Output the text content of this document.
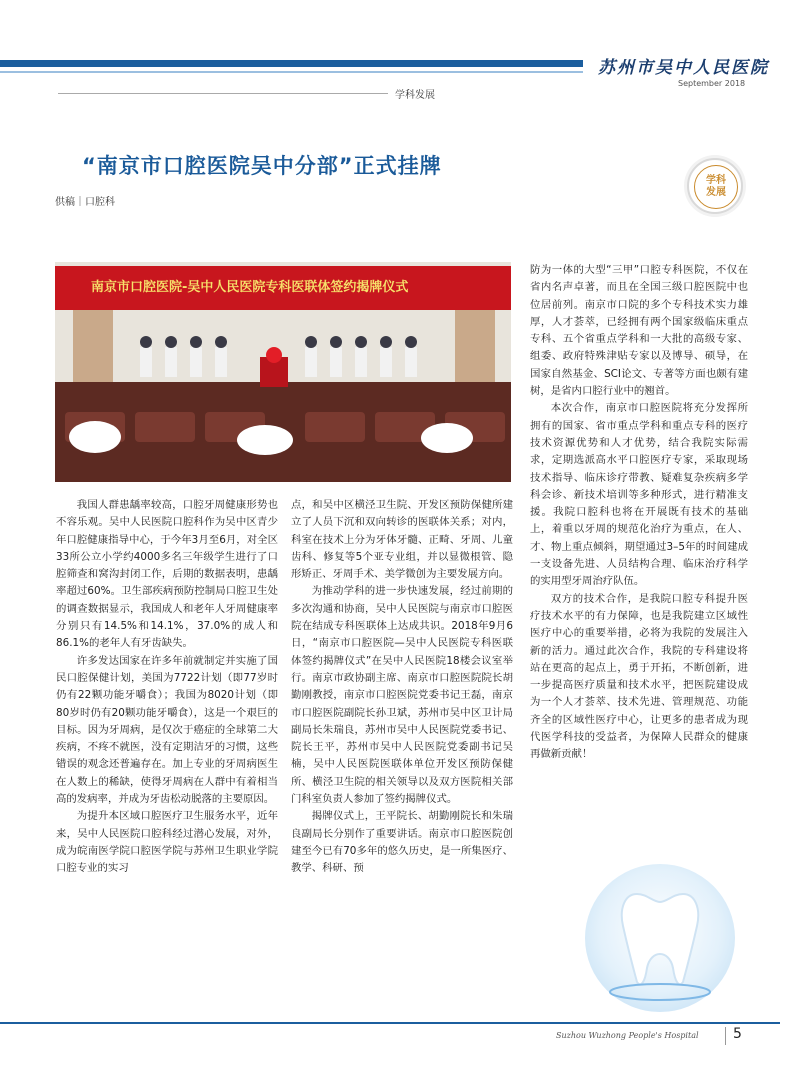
苏州市吴中人民医院
September 2018
学科发展
“南京市口腔医院吴中分部”正式挂牌
供稿｜口腔科
学科
发展
南京市口腔医院-吴中人民医院专科医联体签约揭牌仪式

我国人群患龋率较高，口腔牙周健康形势也不容乐观。吴中人民医院口腔科作为吴中区青少年口腔健康指导中心，于今年3月至6月，对全区33所公立小学约4000多名三年级学生进行了口腔筛查和窝沟封闭工作，后期的数据表明，患龋率超过60%。卫生部疾病预防控制局口腔卫生处的调查数据显示，我国成人和老年人牙周健康率分别只有14.5%和14.1%，37.0%的成人和86.1%的老年人有牙齿缺失。

许多发达国家在许多年前就制定并实施了国民口腔保健计划，美国为7722计划（即77岁时仍有22颗功能牙嚼食）；我国为8020计划（即80岁时仍有20颗功能牙嚼食），这是一个艰巨的目标。因为牙周病，是仅次于癌症的全球第二大疾病，不疼不就医，没有定期洁牙的习惯，这些错误的观念还普遍存在。加上专业的牙周病医生在人数上的稀缺，使得牙周病在人群中有着相当高的发病率，并成为牙齿松动脱落的主要原因。

为提升本区域口腔医疗卫生服务水平，近年来，吴中人民医院口腔科经过潜心发展，对外，成为皖南医学院口腔医学院与苏州卫生职业学院口腔专业的实习

点，和吴中区横泾卫生院、开发区预防保健所建立了人员下沉和双向转诊的医联体关系；对内，科室在技术上分为牙体牙髓、正畸、牙周、儿童齿科、修复等5个亚专业组，并以显微根管、隐形矫正、牙周手术、美学微创为主要发展方向。

为推动学科的进一步快速发展，经过前期的多次沟通和协商，吴中人民医院与南京市口腔医院在结成专科医联体上达成共识。2018年9月6日，“南京市口腔医院—吴中人民医院专科医联体签约揭牌仪式”在吴中人民医院18楼会议室举行。南京市政协副主席、南京市口腔医院院长胡勤刚教授，南京市口腔医院党委书记王磊，南京市口腔医院副院长孙卫斌，苏州市吴中区卫计局副局长朱瑞良，苏州市吴中人民医院党委书记、院长王平，苏州市吴中人民医院党委副书记吴楠，吴中人民医院医联体单位开发区预防保健所、横泾卫生院的相关领导以及双方医院相关部门科室负责人参加了签约揭牌仪式。

揭牌仪式上，王平院长、胡勤刚院长和朱瑞良副局长分别作了重要讲话。南京市口腔医院创建至今已有70多年的悠久历史，是一所集医疗、教学、科研、预

防为一体的大型“三甲”口腔专科医院，不仅在省内名声卓著，而且在全国三级口腔医院中也位居前列。南京市口院的多个专科技术实力雄厚，人才荟萃，已经拥有两个国家级临床重点专科、五个省重点学科和一大批的高级专家、组委、政府特殊津贴专家以及博导、硕导，在国家自然基金、SCI论文、专著等方面也颇有建树，是省内口腔行业中的翘首。

本次合作，南京市口腔医院将充分发挥所拥有的国家、省市重点学科和重点专科的医疗技术资源优势和人才优势，结合我院实际需求，定期选派高水平口腔医疗专家，采取现场技术指导、临床诊疗带教、疑难复杂疾病多学科会诊、新技术培训等多种形式，进行精准支援。我院口腔科也将在开展既有技术的基础上，着重以牙周的规范化治疗为重点，在人、才、物上重点倾斜，期望通过3–5年的时间建成一支设备先进、人员结构合理、临床治疗科学的实用型牙周治疗队伍。

双方的技术合作，是我院口腔专科提升医疗技术水平的有力保障，也是我院建立区域性医疗中心的重要举措，必将为我院的发展注入新的活力。通过此次合作，我院的专科建设将站在更高的起点上，勇于开拓，不断创新，进一步提高医疗质量和技术水平，把医院建设成为一个人才荟萃、技术先进、管理规范、功能齐全的区域性医疗中心，让更多的患者成为现代医学科技的受益者，为保障人民群众的健康再做新贡献！

Suzhou Wuzhong People's Hospital 5
